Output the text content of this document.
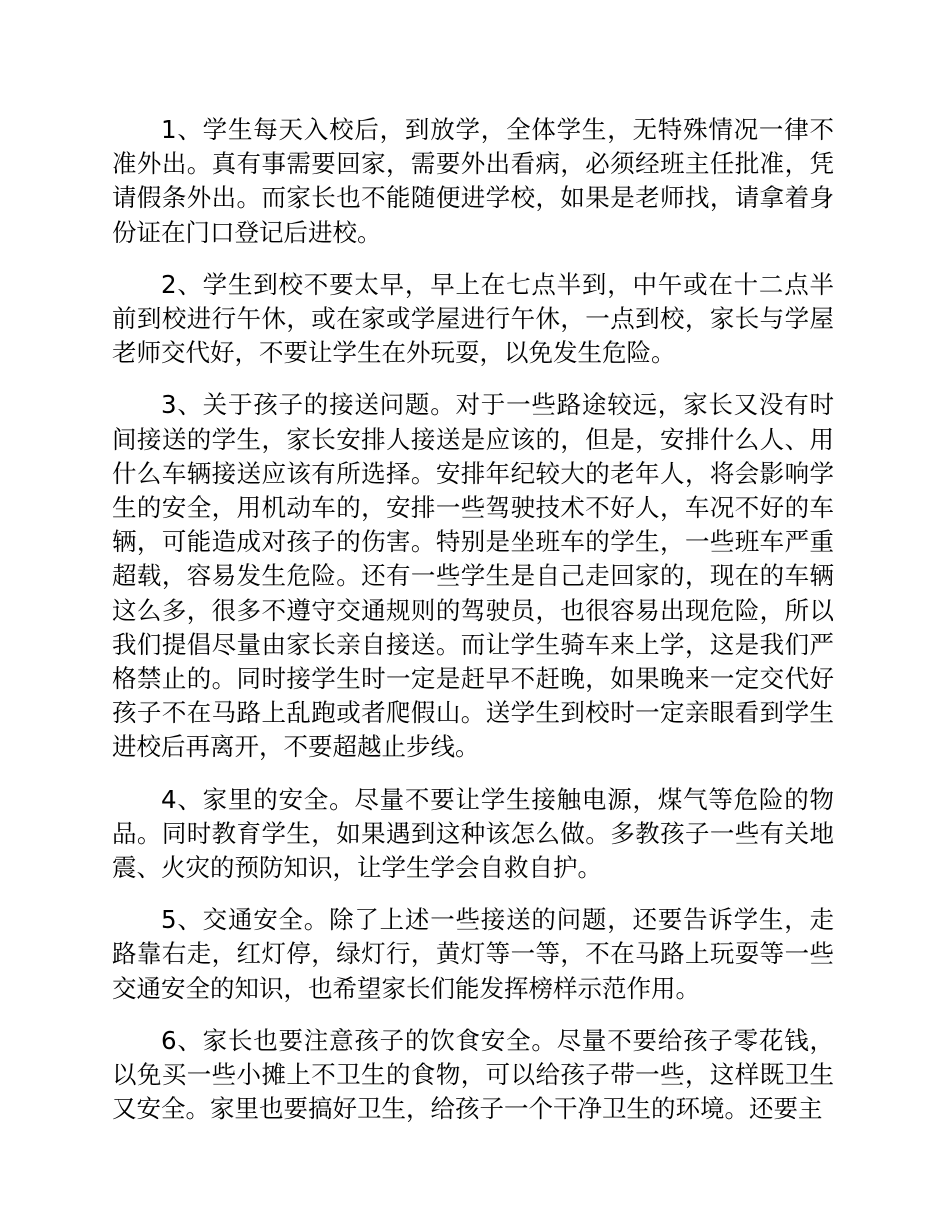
1、学生每天入校后，到放学，全体学生，无特殊情况一律不准外出。真有事需要回家，需要外出看病，必须经班主任批准，凭请假条外出。而家长也不能随便进学校，如果是老师找，请拿着身份证在门口登记后进校。

2、学生到校不要太早，早上在七点半到，中午或在十二点半前到校进行午休，或在家或学屋进行午休，一点到校，家长与学屋老师交代好，不要让学生在外玩耍，以免发生危险。

3、关于孩子的接送问题。对于一些路途较远，家长又没有时间接送的学生，家长安排人接送是应该的，但是，安排什么人、用什么车辆接送应该有所选择。安排年纪较大的老年人，将会影响学生的安全，用机动车的，安排一些驾驶技术不好人，车况不好的车辆，可能造成对孩子的伤害。特别是坐班车的学生，一些班车严重超载，容易发生危险。还有一些学生是自己走回家的，现在的车辆这么多，很多不遵守交通规则的驾驶员，也很容易出现危险，所以我们提倡尽量由家长亲自接送。而让学生骑车来上学，这是我们严格禁止的。同时接学生时一定是赶早不赶晚，如果晚来一定交代好孩子不在马路上乱跑或者爬假山。送学生到校时一定亲眼看到学生进校后再离开，不要超越止步线。

4、家里的安全。尽量不要让学生接触电源，煤气等危险的物品。同时教育学生，如果遇到这种该怎么做。多教孩子一些有关地震、火灾的预防知识，让学生学会自救自护。

5、交通安全。除了上述一些接送的问题，还要告诉学生，走路靠右走，红灯停，绿灯行，黄灯等一等，不在马路上玩耍等一些交通安全的知识，也希望家长们能发挥榜样示范作用。

6、家长也要注意孩子的饮食安全。尽量不要给孩子零花钱，以免买一些小摊上不卫生的食物，可以给孩子带一些，这样既卫生又安全。家里也要搞好卫生，给孩子一个干净卫生的环境。还要主
